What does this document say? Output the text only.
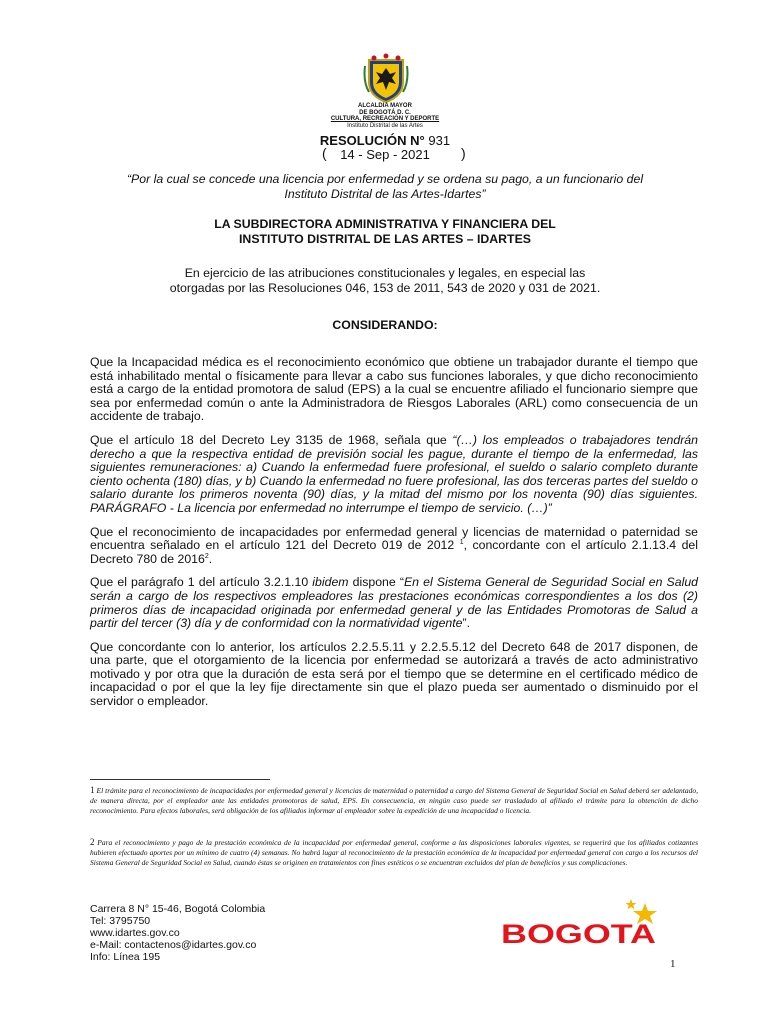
ALCALDIA MAYOR
DE BOGOTÁ D. C.
CULTURA, RECREACIÓN Y DEPORTE
Instituto Distrital de las Artes
RESOLUCIÓN N° 931
(	14 - Sep - 2021	)
“Por la cual se concede una licencia por enfermedad y se ordena su pago, a un funcionario del
Instituto Distrital de las Artes-Idartes”
LA SUBDIRECTORA ADMINISTRATIVA Y FINANCIERA DEL
INSTITUTO DISTRITAL DE LAS ARTES – IDARTES
En ejercicio de las atribuciones constitucionales y legales, en especial las
otorgadas por las Resoluciones 046, 153 de 2011, 543 de 2020 y 031 de 2021.
CONSIDERANDO:

Que la Incapacidad médica es el reconocimiento económico que obtiene un trabajador durante el tiempo que está inhabilitado mental o físicamente para llevar a cabo sus funciones laborales, y que dicho reconocimiento está a cargo de la entidad promotora de salud (EPS) a la cual se encuentre afiliado el funcionario siempre que sea por enfermedad común o ante la Administradora de Riesgos Laborales (ARL) como consecuencia de un accidente de trabajo.

Que el artículo 18 del Decreto Ley 3135 de 1968, señala que “(…) los empleados o trabajadores tendrán derecho a que la respectiva entidad de previsión social les pague, durante el tiempo de la enfermedad, las siguientes remuneraciones: a) Cuando la enfermedad fuere profesional, el sueldo o salario completo durante ciento ochenta (180) días, y b) Cuando la enfermedad no fuere profesional, las dos terceras partes del sueldo o salario durante los primeros noventa (90) días, y la mitad del mismo por los noventa (90) días siguientes. PARÁGRAFO - La licencia por enfermedad no interrumpe el tiempo de servicio. (…)”

Que el reconocimiento de incapacidades por enfermedad general y licencias de maternidad o paternidad se encuentra señalado en el artículo 121 del Decreto 019 de 2012 $^1$, concordante con el artículo 2.1.13.4 del Decreto 780 de 2016$^2$.

Que el parágrafo 1 del artículo 3.2.1.10 ibidem dispone “En el Sistema General de Seguridad Social en Salud serán a cargo de los respectivos empleadores las prestaciones económicas correspondientes a los dos (2) primeros días de incapacidad originada por enfermedad general y de las Entidades Promotoras de Salud a partir del tercer (3) día y de conformidad con la normatividad vigente”.

Que concordante con lo anterior, los artículos 2.2.5.5.11 y 2.2.5.5.12 del Decreto 648 de 2017 disponen, de una parte, que el otorgamiento de la licencia por enfermedad se autorizará a través de acto administrativo motivado y por otra que la duración de esta será por el tiempo que se determine en el certificado médico de incapacidad o por el que la ley fije directamente sin que el plazo pueda ser aumentado o disminuido por el servidor o empleador.

1 El trámite para el reconocimiento de incapacidades por enfermedad general y licencias de maternidad o paternidad a cargo del Sistema General de Seguridad Social en Salud deberá ser adelantado, de manera directa, por el empleador ante las entidades promotoras de salud, EPS. En consecuencia, en ningún caso puede ser trasladado al afiliado el trámite para la obtención de dicho reconocimiento. Para efectos laborales, será obligación de los afiliados informar al empleador sobre la expedición de una incapacidad o licencia.
2 Para el reconocimiento y pago de la prestación económica de la incapacidad por enfermedad general, conforme a las disposiciones laborales vigentes, se requerirá que los afiliados cotizantes hubieren efectuado aportes por un mínimo de cuatro (4) semanas. No habrá lugar al reconocimiento de la prestación económica de la incapacidad por enfermedad general con cargo a los recursos del Sistema General de Seguridad Social en Salud, cuando éstas se originen en tratamientos con fines estéticos o se encuentran excluidos del plan de beneficios y sus complicaciones.
Carrera 8 N° 15-46, Bogotá Colombia
Tel: 3795750
www.idartes.gov.co
e-Mail: contactenos@idartes.gov.co
Info: Línea 195
BOGOTA
1
